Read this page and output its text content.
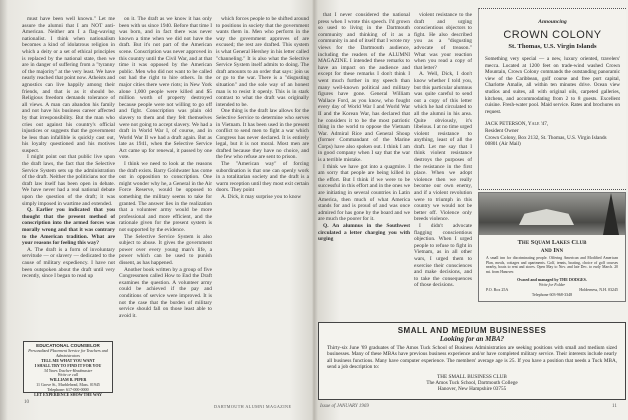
must have been well known." Let me assure the alumni that I am NOT anti-American. Neither am I a flag-waving nationalist. I think when nationalism becomes a kind of idolatrous religion in which a deity or a set of ethical principles is replaced by the national state, then we are in danger of suffering from a "tyranny of the majority" at the very least. We have nearly reached that point now. Atheists and agnostics can live happily among their friends, and that is as it should be. Religious freedom demands tolerance of all views. A man can abandon his family and not have his business career affected by that irresponsibility. But the man who cries out against his country's official injustices or suggests that the government be less than infallible is quickly cast out, his loyalty questioned and his motives suspect.

I might point out that public live upon the draft laws, the fact that the Selective Service System sets up the administration of the draft. Neither the politicians nor the draft law itself has been open in debate. We have never had a real national debate upon the question of the draft; it was simply imposed in wartime and extended.

Q. Earlier you indicated that you thought that the present method of conscription into the armed forces was morally wrong and that it was contrary to the American tradition. What are your reasons for feeling this way?

A. The draft is a form of involuntary servitude — or slavery — dedicated to the cause of military expediency. I have not been outspoken about the draft until very recently, since I began to read up

on it. The draft as we know it has only been with us since 1940. Before that time I was born, and in fact there was never known a time when we did not have the draft. But it's not part of the American scene. Conscription was never approved in this country until the Civil War, and at that time it was opposed by the American public. Men who did not want to be called out had the right to hire others. In the major cities there were riots; in New York alone 1,000 people were killed and $5 million worth of property destroyed because people were not willing to go off and fight. Conscription was plain old slavery to them and they felt themselves were not going to accept slavery. We had a draft in World War I, of course, and in World War II we had a draft again. But as late as 1941, when the Selective Service Act came up for renewal, it passed by one vote.

I think we need to look at the reasons the draft exists. Barry Goldwater has come out in opposition to conscription. One might wonder why he, a General in the Air Force Reserve, would be opposed to something the military seems to take for granted. The answer lies in the realization that a volunteer army would be more professional and more efficient, and the rationale given for the present system is not supported by the evidence.

The Selective Service System is also subject to abuse. It gives the government power over every young man's life, a power which can be used to punish dissent, as has happened.

Another book written by a group of five Congressmen called How to End the Draft examines the question. A volunteer army could be achieved if the pay and conditions of service were improved. It is not the case that the burden of military service should fall on those least able to avoid it.

which forces people to be shifted around to positions in society that the government wants them in. Men who perform in the way the government approves of are excused; the rest are drafted. This system is what General Hershey in his letter called "channeling." It is also what the Selective Service System itself admits to doing. The draft amounts to an order that says: join us or go to the war. There is a "disgusting situation" and the sole way of an honest man is to resist it openly. This is in stark contrast to what the draft was originally intended to be.

One thing is the draft law allows for the Selective Service to determine who serves in Vietnam. It has been used in the present conflict to send men to fight a war which Congress has never declared. It is entirely legal, but it is not moral. Most men are drafted because they have no choice, and the few who refuse are sent to prison.

The "American way" of forcing subordination is that one can openly work in a totalitarian society and the draft is a warm reception until they most exit certain doors. They point

A. Dick, it may surprise you to know

EDUCATIONAL COUNSELOR
Personalized Placement Service for Teachers and Administrators
TELL ME WHAT YOU WANT
I SHALL TRY TO FIND IT FOR YOU
34 Years Teacher-Headmaster
Write or call
WILLIAM B. PIPER
11 Grove St., Marblehead, Mass. 01945
Telephone: 617-000-0000
LET EXPERIENCE SHOW THE WAY
10
DARTMOUTH ALUMNI MAGAZINE

that I never considered the national press when I wrote this speech. I'd grown so used to living in the Dartmouth community and thinking of it as a community in and of itself that I wrote my views for the Dartmouth audience, including the readers of the ALUMNI MAGAZINE. I intended these remarks to have an impact on the audience and except for these remarks I don't think I went much further in my speech than many well-known political and military figures have gone. General William Wallace Ford, as you know, who fought every day of World War I and World War II and the Korean War, has declared that he considers it to be the most patriotic thing in the world to oppose the Vietnam War. Admiral Rice and General Shoup (former Commandant of the Marine Corps) have also spoken out. I think I am in good company when I say that the war is a terrible mistake.

I think we have got into a quagmire. I am sorry that people are being killed in the effort. But I think if we were to be successful in this effort and in the ones we are initiating in several countries in Latin America, then much of what America stands for and is proud of and was once admired for has gone by the board and we are much the poorer for it.

Q. An alumnus in the Southwest circulated a letter charging you with urging

violent resistance to the draft and urging conscientious objectors to fight. He also described you as a "disgusting advocate of treason." What was your reaction when you read a copy of that letter?

A. Well, Dick, I don't know whether I told you, but this particular alumnus was quite careful to send out a copy of this letter which he had circulated to all the alumni in his area. Quite obviously, it's libelous. I at no time urged violent resistance to anything, least of all the draft. Let me say that I think violent resistance destroys the purposes of the resistance in the first place. When we adopt violence then we really become our own enemy, and if a violent revolution were to triumph in this country we would not be better off. Violence only breeds violence.

I didn't advocate flagging conscientious objection. When I urged people to refuse to fight in Vietnam, as in all other wars, I urged them to exercise their consciences and make decisions, and to take the consequences of those decisions.

Announcing
CROWN COLONY
St. Thomas, U.S. Virgin Islands
Something very special — a new, luxury oriented, travelers' mecca. Located at 1200 feet on trade-wind washed Crown Mountain, Crown Colony commands the outstanding panoramic view of the Caribbean, golf course and free port capital, Charlotte Amalie, all within ten minutes drive. Ocean view studios and suites, all with original oils, carpeted galleries, kitchens, and accommodating from 2 to 8 guests. Excellent cuisine. Fresh-water pool. Maid service. Rates and brochures on request.
JACK PETERSON, Yale '47,
Resident Owner
Crown Colony, Box 2132, St. Thomas, U.S. Virgin Islands 00801 (Air Mail)
The Squam Lakes Club
and Inn
A small inn for discriminating people. Offering American and Modified American Plan, meals, cottages and apartments. Golf, tennis, boating, choice of golf courses nearby, boats to rent and stores. Open May to Nov. and late Dec. to early March. 20 mi. from Hanover.
Owned and managed by THE DODGES.
Write for Folder
P.O. Box 25A	Holderness, N.H. 03245
Telephone 603-968-3348
SMALL AND MEDIUM BUSINESSES
Looking for an MBA?
Thirty-six June '69 graduates of The Amos Tuck School of Business Administration are seeking positions with small and medium sized businesses. Many of these MBAs have previous business experience and/or have completed military service. Their interests include nearly all business functions. Many have computer experience. The members' average age is 25. If you have a position that needs a Tuck MBA, send a job description to:
THE SMALL BUSINESS CLUB
The Amos Tuck School, Dartmouth College
Hanover, New Hampshire 03755
Issue of JANUARY 1969	11
